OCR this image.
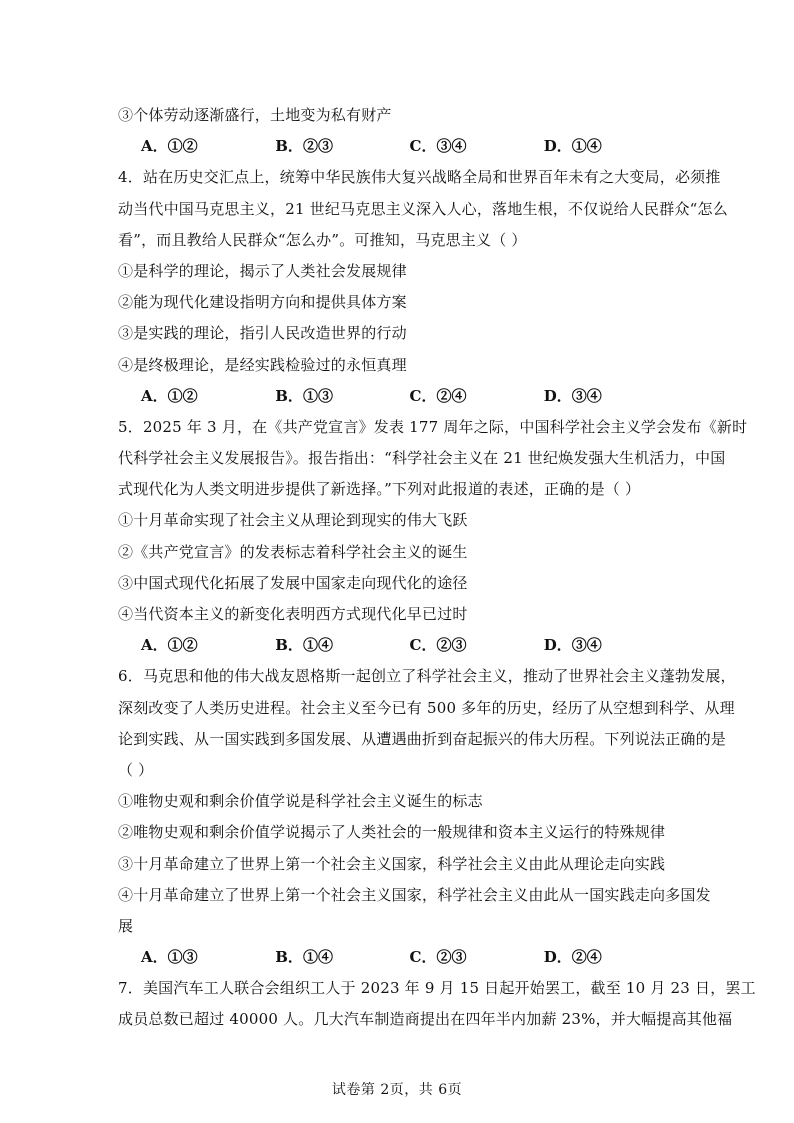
③个体劳动逐渐盛行，土地变为私有财产
A．①②	B．②③	C．③④	D．①④
4．站在历史交汇点上，统筹中华民族伟大复兴战略全局和世界百年未有之大变局，必须推
动当代中国马克思主义，21 世纪马克思主义深入人心，落地生根，不仅说给人民群众“怎么
看”，而且教给人民群众“怎么办”。可推知，马克思主义（ ）
①是科学的理论，揭示了人类社会发展规律
②能为现代化建设指明方向和提供具体方案
③是实践的理论，指引人民改造世界的行动
④是终极理论，是经实践检验过的永恒真理
A．①②	B．①③	C．②④	D．③④
5．2025 年 3 月，在《共产党宣言》发表 177 周年之际，中国科学社会主义学会发布《新时
代科学社会主义发展报告》。报告指出：“科学社会主义在 21 世纪焕发强大生机活力，中国
式现代化为人类文明进步提供了新选择。”下列对此报道的表述，正确的是（ ）
①十月革命实现了社会主义从理论到现实的伟大飞跃
②《共产党宣言》的发表标志着科学社会主义的诞生
③中国式现代化拓展了发展中国家走向现代化的途径
④当代资本主义的新变化表明西方式现代化早已过时
A．①②	B．①④	C．②③	D．③④
6．马克思和他的伟大战友恩格斯一起创立了科学社会主义，推动了世界社会主义蓬勃发展，
深刻改变了人类历史进程。社会主义至今已有 500 多年的历史，经历了从空想到科学、从理
论到实践、从一国实践到多国发展、从遭遇曲折到奋起振兴的伟大历程。下列说法正确的是
（ ）
①唯物史观和剩余价值学说是科学社会主义诞生的标志
②唯物史观和剩余价值学说揭示了人类社会的一般规律和资本主义运行的特殊规律
③十月革命建立了世界上第一个社会主义国家，科学社会主义由此从理论走向实践
④十月革命建立了世界上第一个社会主义国家，科学社会主义由此从一国实践走向多国发
展
A．①③	B．①④	C．②③	D．②④
7．美国汽车工人联合会组织工人于 2023 年 9 月 15 日起开始罢工，截至 10 月 23 日，罢工
成员总数已超过 40000 人。几大汽车制造商提出在四年半内加薪 23%，并大幅提高其他福
试卷第 2页，共 6页
